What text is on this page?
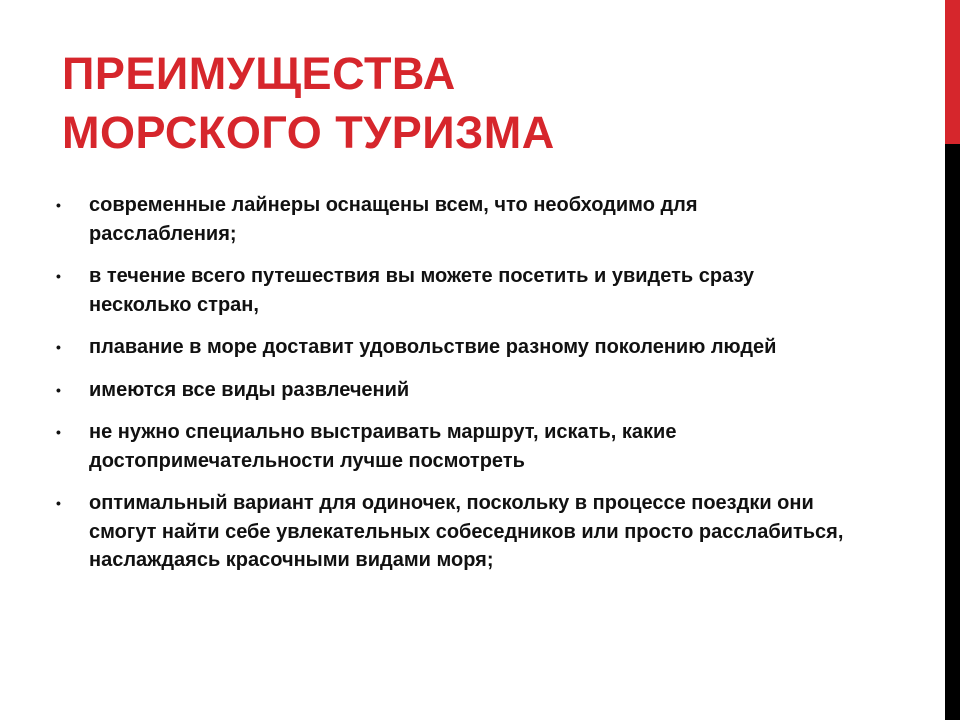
ПРЕИМУЩЕСТВА
МОРСКОГО ТУРИЗМА
• современные лайнеры оснащены всем, что необходимо для расслабления;
• в течение всего путешествия вы можете посетить и увидеть сразу несколько стран,
• плавание в море доставит удовольствие разному поколению людей
• имеются все виды развлечений
• не нужно специально выстраивать маршрут, искать, какие достопримечательности лучше посмотреть
• оптимальный вариант для одиночек, поскольку в процессе поездки они смогут найти себе увлекательных собеседников или просто расслабиться, наслаждаясь красочными видами моря;
